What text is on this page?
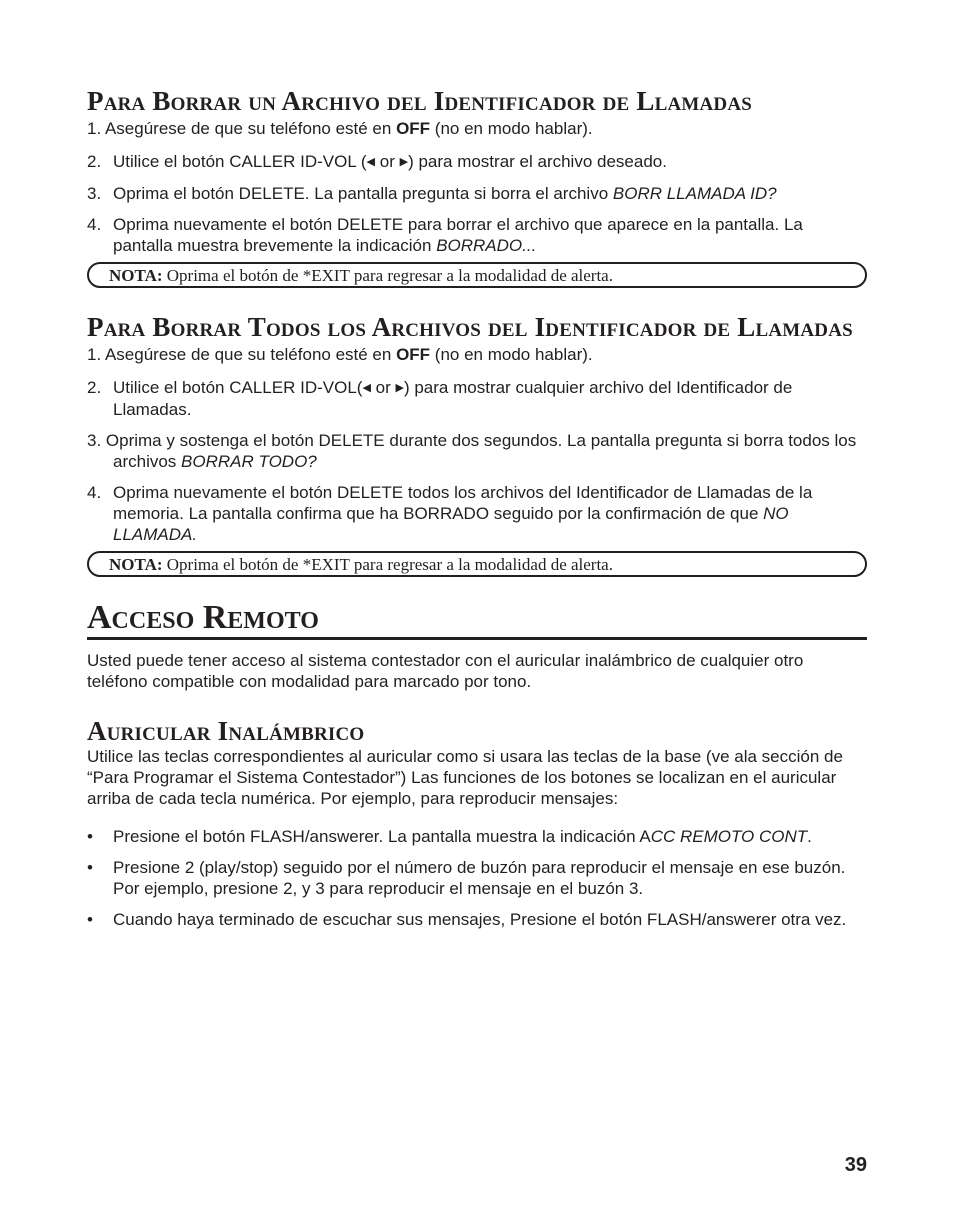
Para Borrar un Archivo del Identificador de Llamadas

1. Asegúrese de que su teléfono esté en OFF (no en modo hablar).

2. Utilice el botón CALLER ID-VOL (◀ or ▶) para mostrar el archivo deseado.
3. Oprima el botón DELETE. La pantalla pregunta si borra el archivo BORR LLAMADA ID?
4. Oprima nuevamente el botón DELETE para borrar el archivo que aparece en la pantalla. La pantalla muestra brevemente la indicación BORRADO...
NOTA: Oprima el botón de *EXIT para regresar a la modalidad de alerta.
Para Borrar Todos los Archivos del Identificador de Llamadas

1. Asegúrese de que su teléfono esté en OFF (no en modo hablar).

2. Utilice el botón CALLER ID-VOL(◀ or ▶) para mostrar cualquier archivo del Identificador de Llamadas.
3. Oprima y sostenga el botón DELETE durante dos segundos. La pantalla pregunta si borra todos los archivos BORRAR TODO?
4. Oprima nuevamente el botón DELETE todos los archivos del Identificador de Llamadas de la memoria. La pantalla confirma que ha BORRADO seguido por la confirmación de que NO LLAMADA.
NOTA: Oprima el botón de *EXIT para regresar a la modalidad de alerta.
Acceso Remoto

Usted puede tener acceso al sistema contestador con el auricular inalámbrico de cualquier otro teléfono compatible con modalidad para marcado por tono.

Auricular Inalámbrico

Utilice las teclas correspondientes al auricular como si usara las teclas de la base (ve ala sección de “Para Programar el Sistema Contestador”) Las funciones de los botones se localizan en el auricular arriba de cada tecla numérica. Por ejemplo, para reproducir mensajes:

• Presione el botón FLASH/answerer. La pantalla muestra la indicación ACC REMOTO CONT.
• Presione 2 (play/stop) seguido por el número de buzón para reproducir el mensaje en ese buzón. Por ejemplo, presione 2, y 3 para reproducir el mensaje en el buzón 3.
• Cuando haya terminado de escuchar sus mensajes, Presione el botón FLASH/answerer otra vez.
39
